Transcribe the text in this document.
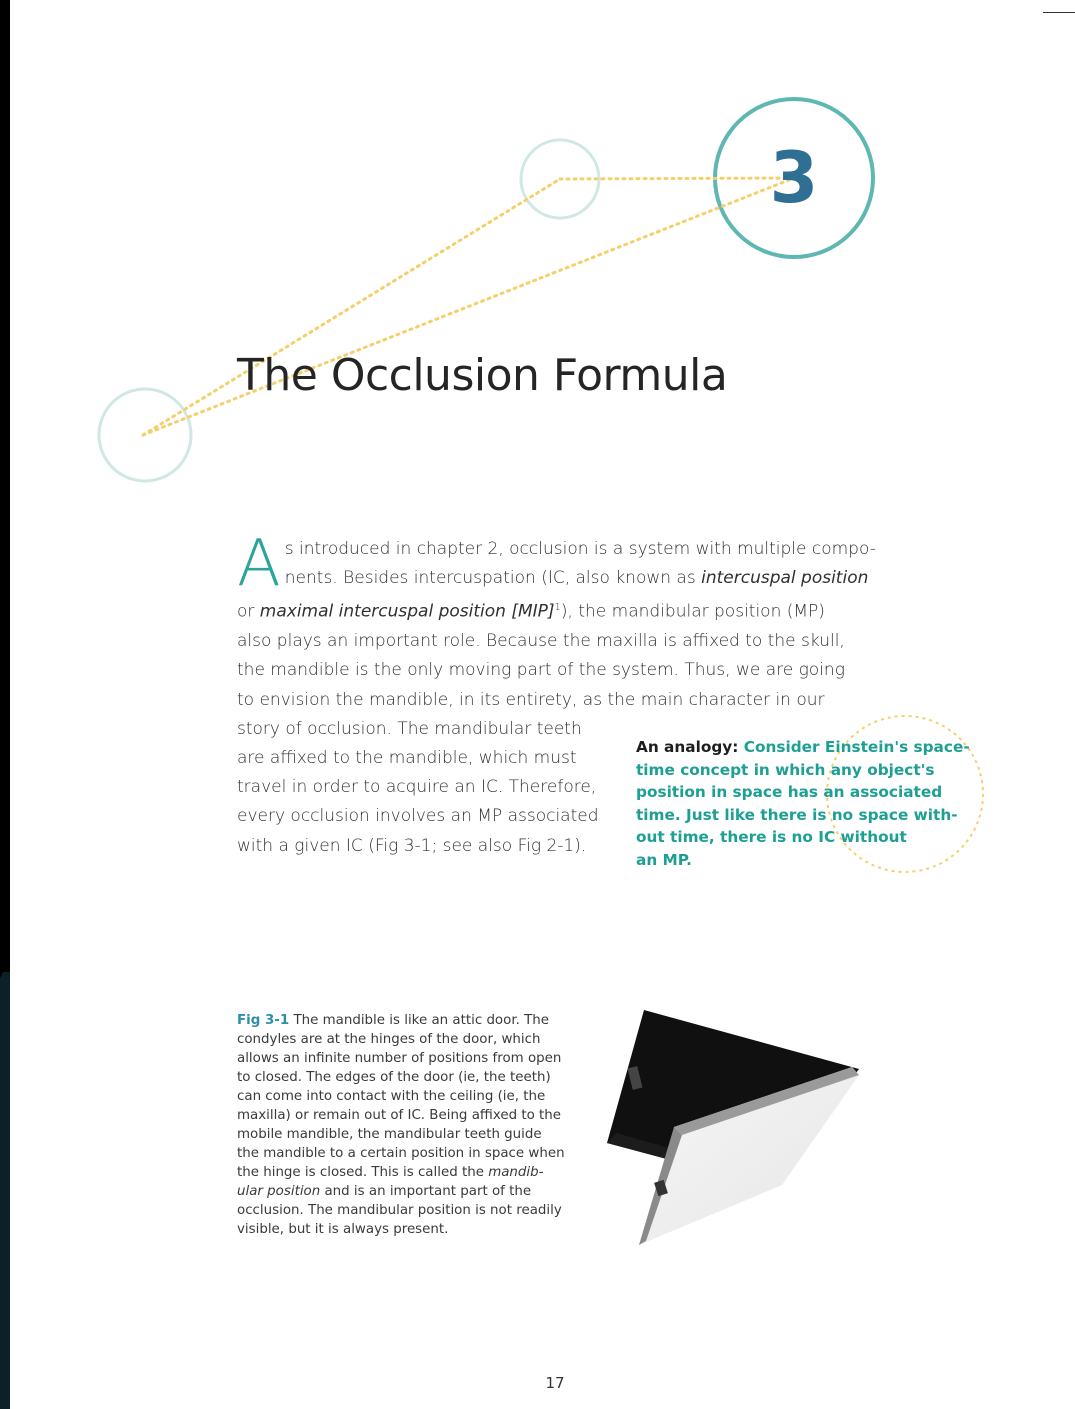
3
The Occlusion Formula
A s introduced in chapter 2, occlusion is a system with multiple compo-
nents. Besides intercuspation (IC, also known as intercuspal position
or maximal intercuspal position [MIP]$^1$), the mandibular position (MP)
also plays an important role. Because the maxilla is affixed to the skull,
the mandible is the only moving part of the system. Thus, we are going
to envision the mandible, in its entirety, as the main character in our
story of occlusion. The mandibular teeth
are affixed to the mandible, which must
travel in order to acquire an IC. Therefore,
every occlusion involves an MP associated
with a given IC (Fig 3-1; see also Fig 2-1).
An analogy: Consider Einstein's space-
time concept in which any object's
position in space has an associated
time. Just like there is no space with-
out time, there is no IC without
an MP.
Fig 3-1 The mandible is like an attic door. The
condyles are at the hinges of the door, which
allows an infinite number of positions from open
to closed. The edges of the door (ie, the teeth)
can come into contact with the ceiling (ie, the
maxilla) or remain out of IC. Being affixed to the
mobile mandible, the mandibular teeth guide
the mandible to a certain position in space when
the hinge is closed. This is called the mandib-
ular position and is an important part of the
occlusion. The mandibular position is not readily
visible, but it is always present.
17
